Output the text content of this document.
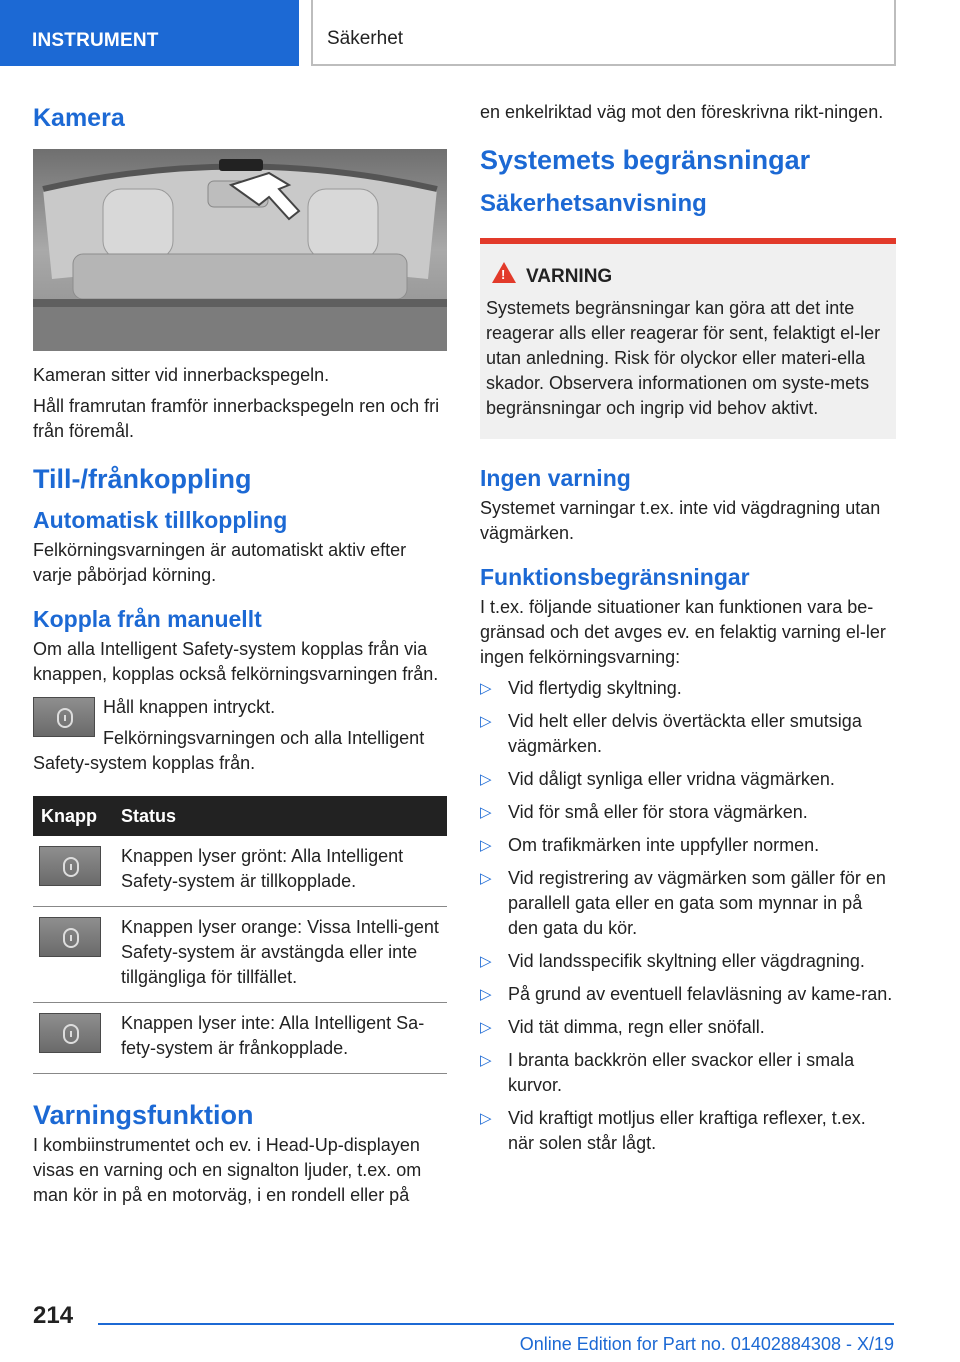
INSTRUMENT	Säkerhet
Kamera

Kameran sitter vid innerbackspegeln.

Håll framrutan framför innerbackspegeln ren och fri från föremål.

Till-/frånkoppling
Automatisk tillkoppling

Felkörningsvarningen är automatiskt aktiv efter varje påbörjad körning.

Koppla från manuellt

Om alla Intelligent Safety-system kopplas från via knappen, kopplas också felkörningsvarningen från.

Håll knappen intryckt.

Felkörningsvarningen och alla Intelligent Safety-system kopplas från.

Knapp	Status

	Knappen lyser grönt: Alla Intelligent Safety-system är tillkopplade.

	Knappen lyser orange: Vissa Intelli-gent Safety-system är avstängda eller inte tillgängliga för tillfället.

	Knappen lyser inte: Alla Intelligent Sa-fety-system är frånkopplade.
Varningsfunktion

I kombiinstrumentet och ev. i Head-Up-displayen visas en varning och en signalton ljuder, t.ex. om man kör in på en motorväg, i en rondell eller på

en enkelriktad väg mot den föreskrivna rikt-ningen.

Systemets begränsningar
Säkerhetsanvisning
!
VARNING

Systemets begränsningar kan göra att det inte reagerar alls eller reagerar för sent, felaktigt el-ler utan anledning. Risk för olyckor eller materi-ella skador. Observera informationen om syste-mets begränsningar och ingrip vid behov aktivt.

Ingen varning

Systemet varningar t.ex. inte vid vägdragning utan vägmärken.

Funktionsbegränsningar

I t.ex. följande situationer kan funktionen vara be-gränsad och det avges ev. en felaktig varning el-ler ingen felkörningsvarning:

▷ Vid flertydig skyltning.
▷ Vid helt eller delvis övertäckta eller smutsiga vägmärken.
▷ Vid dåligt synliga eller vridna vägmärken.
▷ Vid för små eller för stora vägmärken.
▷ Om trafikmärken inte uppfyller normen.
▷ Vid registrering av vägmärken som gäller för en parallell gata eller en gata som mynnar in på den gata du kör.
▷ Vid landsspecifik skyltning eller vägdragning.
▷ På grund av eventuell felavläsning av kame-ran.
▷ Vid tät dimma, regn eller snöfall.
▷ I branta backkrön eller svackor eller i smala kurvor.
▷ Vid kraftigt motljus eller kraftiga reflexer, t.ex. när solen står lågt.
214
Online Edition for Part no. 01402884308 - X/19
